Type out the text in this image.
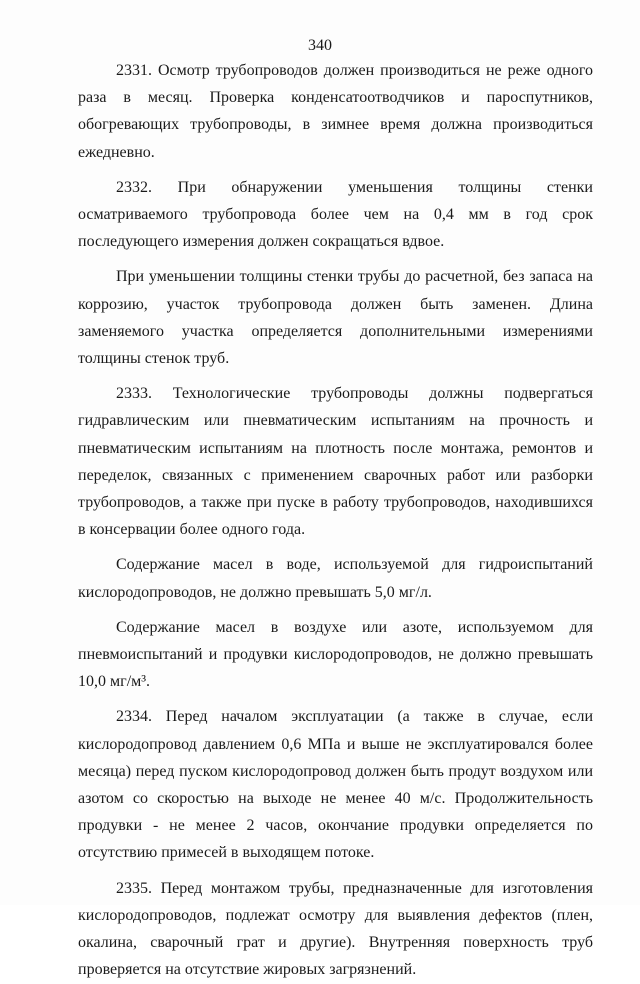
340

2331. Осмотр трубопроводов должен производиться не реже одного раза в месяц. Проверка конденсатоотводчиков и пароспутников, обогревающих трубопроводы, в зимнее время должна производиться ежедневно.

2332. При обнаружении уменьшения толщины стенки осматриваемого трубопровода более чем на 0,4 мм в год срок последующего измерения должен сокращаться вдвое.

При уменьшении толщины стенки трубы до расчетной, без запаса на коррозию, участок трубопровода должен быть заменен. Длина заменяемого участка определяется дополнительными измерениями толщины стенок труб.

2333. Технологические трубопроводы должны подвергаться гидравлическим или пневматическим испытаниям на прочность и пневматическим испытаниям на плотность после монтажа, ремонтов и переделок, связанных с применением сварочных работ или разборки трубопроводов, а также при пуске в работу трубопроводов, находившихся в консервации более одного года.

Содержание масел в воде, используемой для гидроиспытаний кислородопроводов, не должно превышать 5,0 мг/л.

Содержание масел в воздухе или азоте, используемом для пневмоиспытаний и продувки кислородопроводов, не должно превышать 10,0 мг/м³.

2334. Перед началом эксплуатации (а также в случае, если кислородопровод давлением 0,6 МПа и выше не эксплуатировался более месяца) перед пуском кислородопровод должен быть продут воздухом или азотом со скоростью на выходе не менее 40 м/с. Продолжительность продувки - не менее 2 часов, окончание продувки определяется по отсутствию примесей в выходящем потоке.

2335. Перед монтажом трубы, предназначенные для изготовления кислородопроводов, подлежат осмотру для выявления дефектов (плен, окалина, сварочный грат и другие). Внутренняя поверхность труб проверяется на отсутствие жировых загрязнений.
